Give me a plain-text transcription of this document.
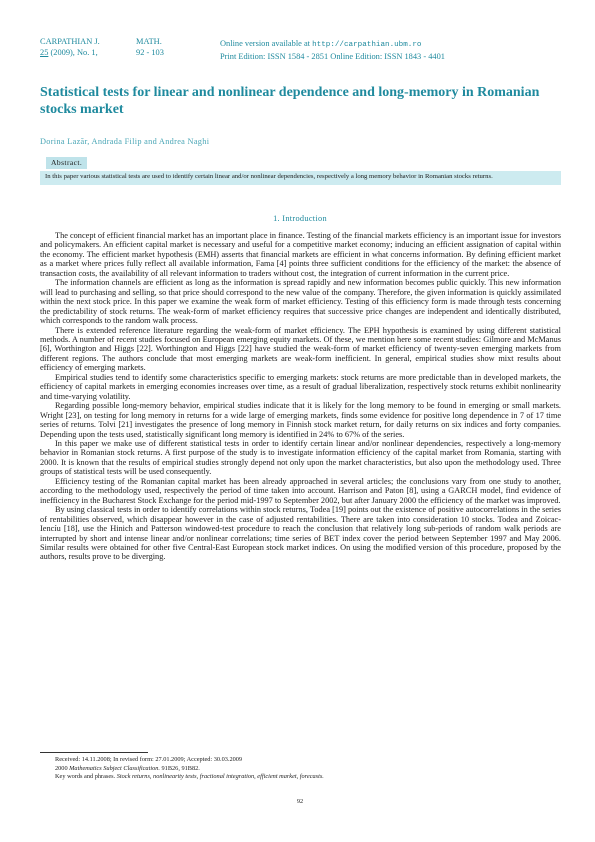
CARPATHIAN J.
25 (2009), No. 1,
MATH.
92 - 103
Online version available at http://carpathian.ubm.ro
Print Edition: ISSN 1584 - 2851 Online Edition: ISSN 1843 - 4401
Statistical tests for linear and nonlinear dependence and long-memory in Romanian stocks market
Dorina Lazăr, Andrada Filip and Andrea Naghi
Abstract.
In this paper various statistical tests are used to identify certain linear and/or nonlinear dependencies, respectively a long memory behavior in Romanian stocks returns.
1. Introduction

The concept of efficient financial market has an important place in finance. Testing of the financial markets efficiency is an important issue for investors and policymakers. An efficient capital market is necessary and useful for a competitive market economy; inducing an efficient assignation of capital within the economy. The efficient market hypothesis (EMH) asserts that financial markets are efficient in what concerns information. By defining efficient market as a market where prices fully reflect all available information, Fama [4] points three sufficient conditions for the efficiency of the market: the absence of transaction costs, the availability of all relevant information to traders without cost, the integration of current information in the current price.

The information channels are efficient as long as the information is spread rapidly and new information becomes public quickly. This new information will lead to purchasing and selling, so that price should correspond to the new value of the company. Therefore, the given information is quickly assimilated within the next stock price. In this paper we examine the weak form of market efficiency. Testing of this efficiency form is made through tests concerning the predictability of stock returns. The weak-form of market efficiency requires that successive price changes are independent and identically distributed, which corresponds to the random walk process.

There is extended reference literature regarding the weak-form of market efficiency. The EPH hypothesis is examined by using different statistical methods. A number of recent studies focused on European emerging equity markets. Of these, we mention here some recent studies: Gilmore and McManus [6], Worthington and Higgs [22]. Worthington and Higgs [22] have studied the weak-form of market efficiency of twenty-seven emerging markets from different regions. The authors conclude that most emerging markets are weak-form inefficient. In general, empirical studies show mixt results about efficiency of emerging markets.

Empirical studies tend to identify some characteristics specific to emerging markets: stock returns are more predictable than in developed markets, the efficiency of capital markets in emerging economies increases over time, as a result of gradual liberalization, respectively stock returns exhibit nonlinearity and time-varying volatility.

Regarding possible long-memory behavior, empirical studies indicate that it is likely for the long memory to be found in emerging or small markets. Wright [23], on testing for long memory in returns for a wide large of emerging markets, finds some evidence for positive long dependence in 7 of 17 time series of returns. Tolvi [21] investigates the presence of long memory in Finnish stock market return, for daily returns on six indices and forty companies. Depending upon the tests used, statistically significant long memory is identified in 24% to 67% of the series.

In this paper we make use of different statistical tests in order to identify certain linear and/or nonlinear dependencies, respectively a long-memory behavior in Romanian stock returns. A first purpose of the study is to investigate information efficiency of the capital market from Romania, starting with 2000. It is known that the results of empirical studies strongly depend not only upon the market characteristics, but also upon the methodology used. Three groups of statistical tests will be used consequently.

Efficiency testing of the Romanian capital market has been already approached in several articles; the conclusions vary from one study to another, according to the methodology used, respectively the period of time taken into account. Harrison and Paton [8], using a GARCH model, find evidence of inefficiency in the Bucharest Stock Exchange for the period mid-1997 to September 2002, but after January 2000 the efficiency of the market was improved.

By using classical tests in order to identify correlations within stock returns, Todea [19] points out the existence of positive autocorrelations in the series of rentabilities observed, which disappear however in the case of adjusted rentabilities. There are taken into consideration 10 stocks. Todea and Zoicac-Iencíu [18], use the Hinich and Patterson windowed-test procedure to reach the conclusion that relatively long sub-periods of random walk periods are interrupted by short and intense linear and/or nonlinear correlations; time series of BET index cover the period between September 1997 and May 2006. Similar results were obtained for other five Central-East European stock market indices. On using the modified version of this procedure, proposed by the authors, results prove to be diverging.

Received: 14.11.2008; In revised form: 27.01.2009; Accepted: 30.03.2009
2000 Mathematics Subject Classification. 91B26, 91B82.
Key words and phrases. Stock returns, nonlinearity tests, fractional integration, efficient market, forecasts.
92
